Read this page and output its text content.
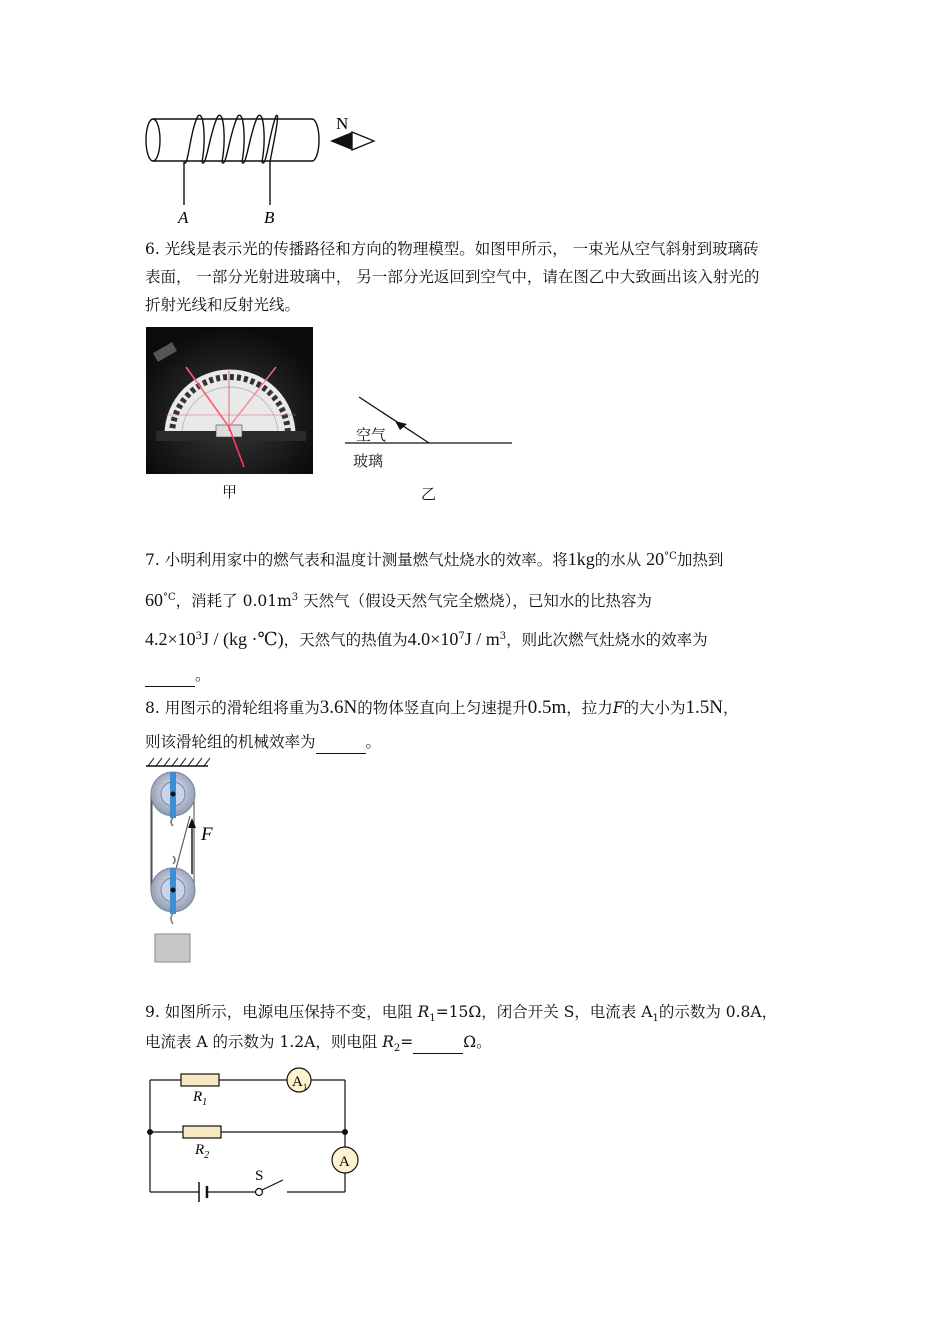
N
A	B
6. 光线是表示光的传播路径和方向的物理模型。如图甲所示， 一束光从空气斜射到玻璃砖
表面， 一部分光射进玻璃中， 另一部分光返回到空气中，请在图乙中大致画出该入射光的
折射光线和反射光线。
甲
空气
玻璃
乙
7. 小明利用家中的燃气表和温度计测量燃气灶烧水的效率。将1kg的水从 $20^{^\circ C}$加热到
$60^{^\circ C}$，消耗了 $0.01m^3$ 天然气（假设天然气完全燃烧），已知水的比热容为
$4.2\times 10^3J / (kg$ ·℃)，天然气的热值为$4.0\times 10^7J / m^3$，则此次燃气灶烧水的效率为
。
8. 用图示的滑轮组将重为3.6N的物体竖直向上匀速提升0.5m，拉力F的大小为1.5N，
则该滑轮组的机械效率为	。
F
9. 如图所示，电源电压保持不变，电阻 $R_1=15\Omega$，闭合开关 S，电流表 $A_1$的示数为 0.8A，
电流表 A 的示数为 1.2A，则电阻 $R_2=$	Ω。
$R_1$
$R_2$
$A_1$
A
S
